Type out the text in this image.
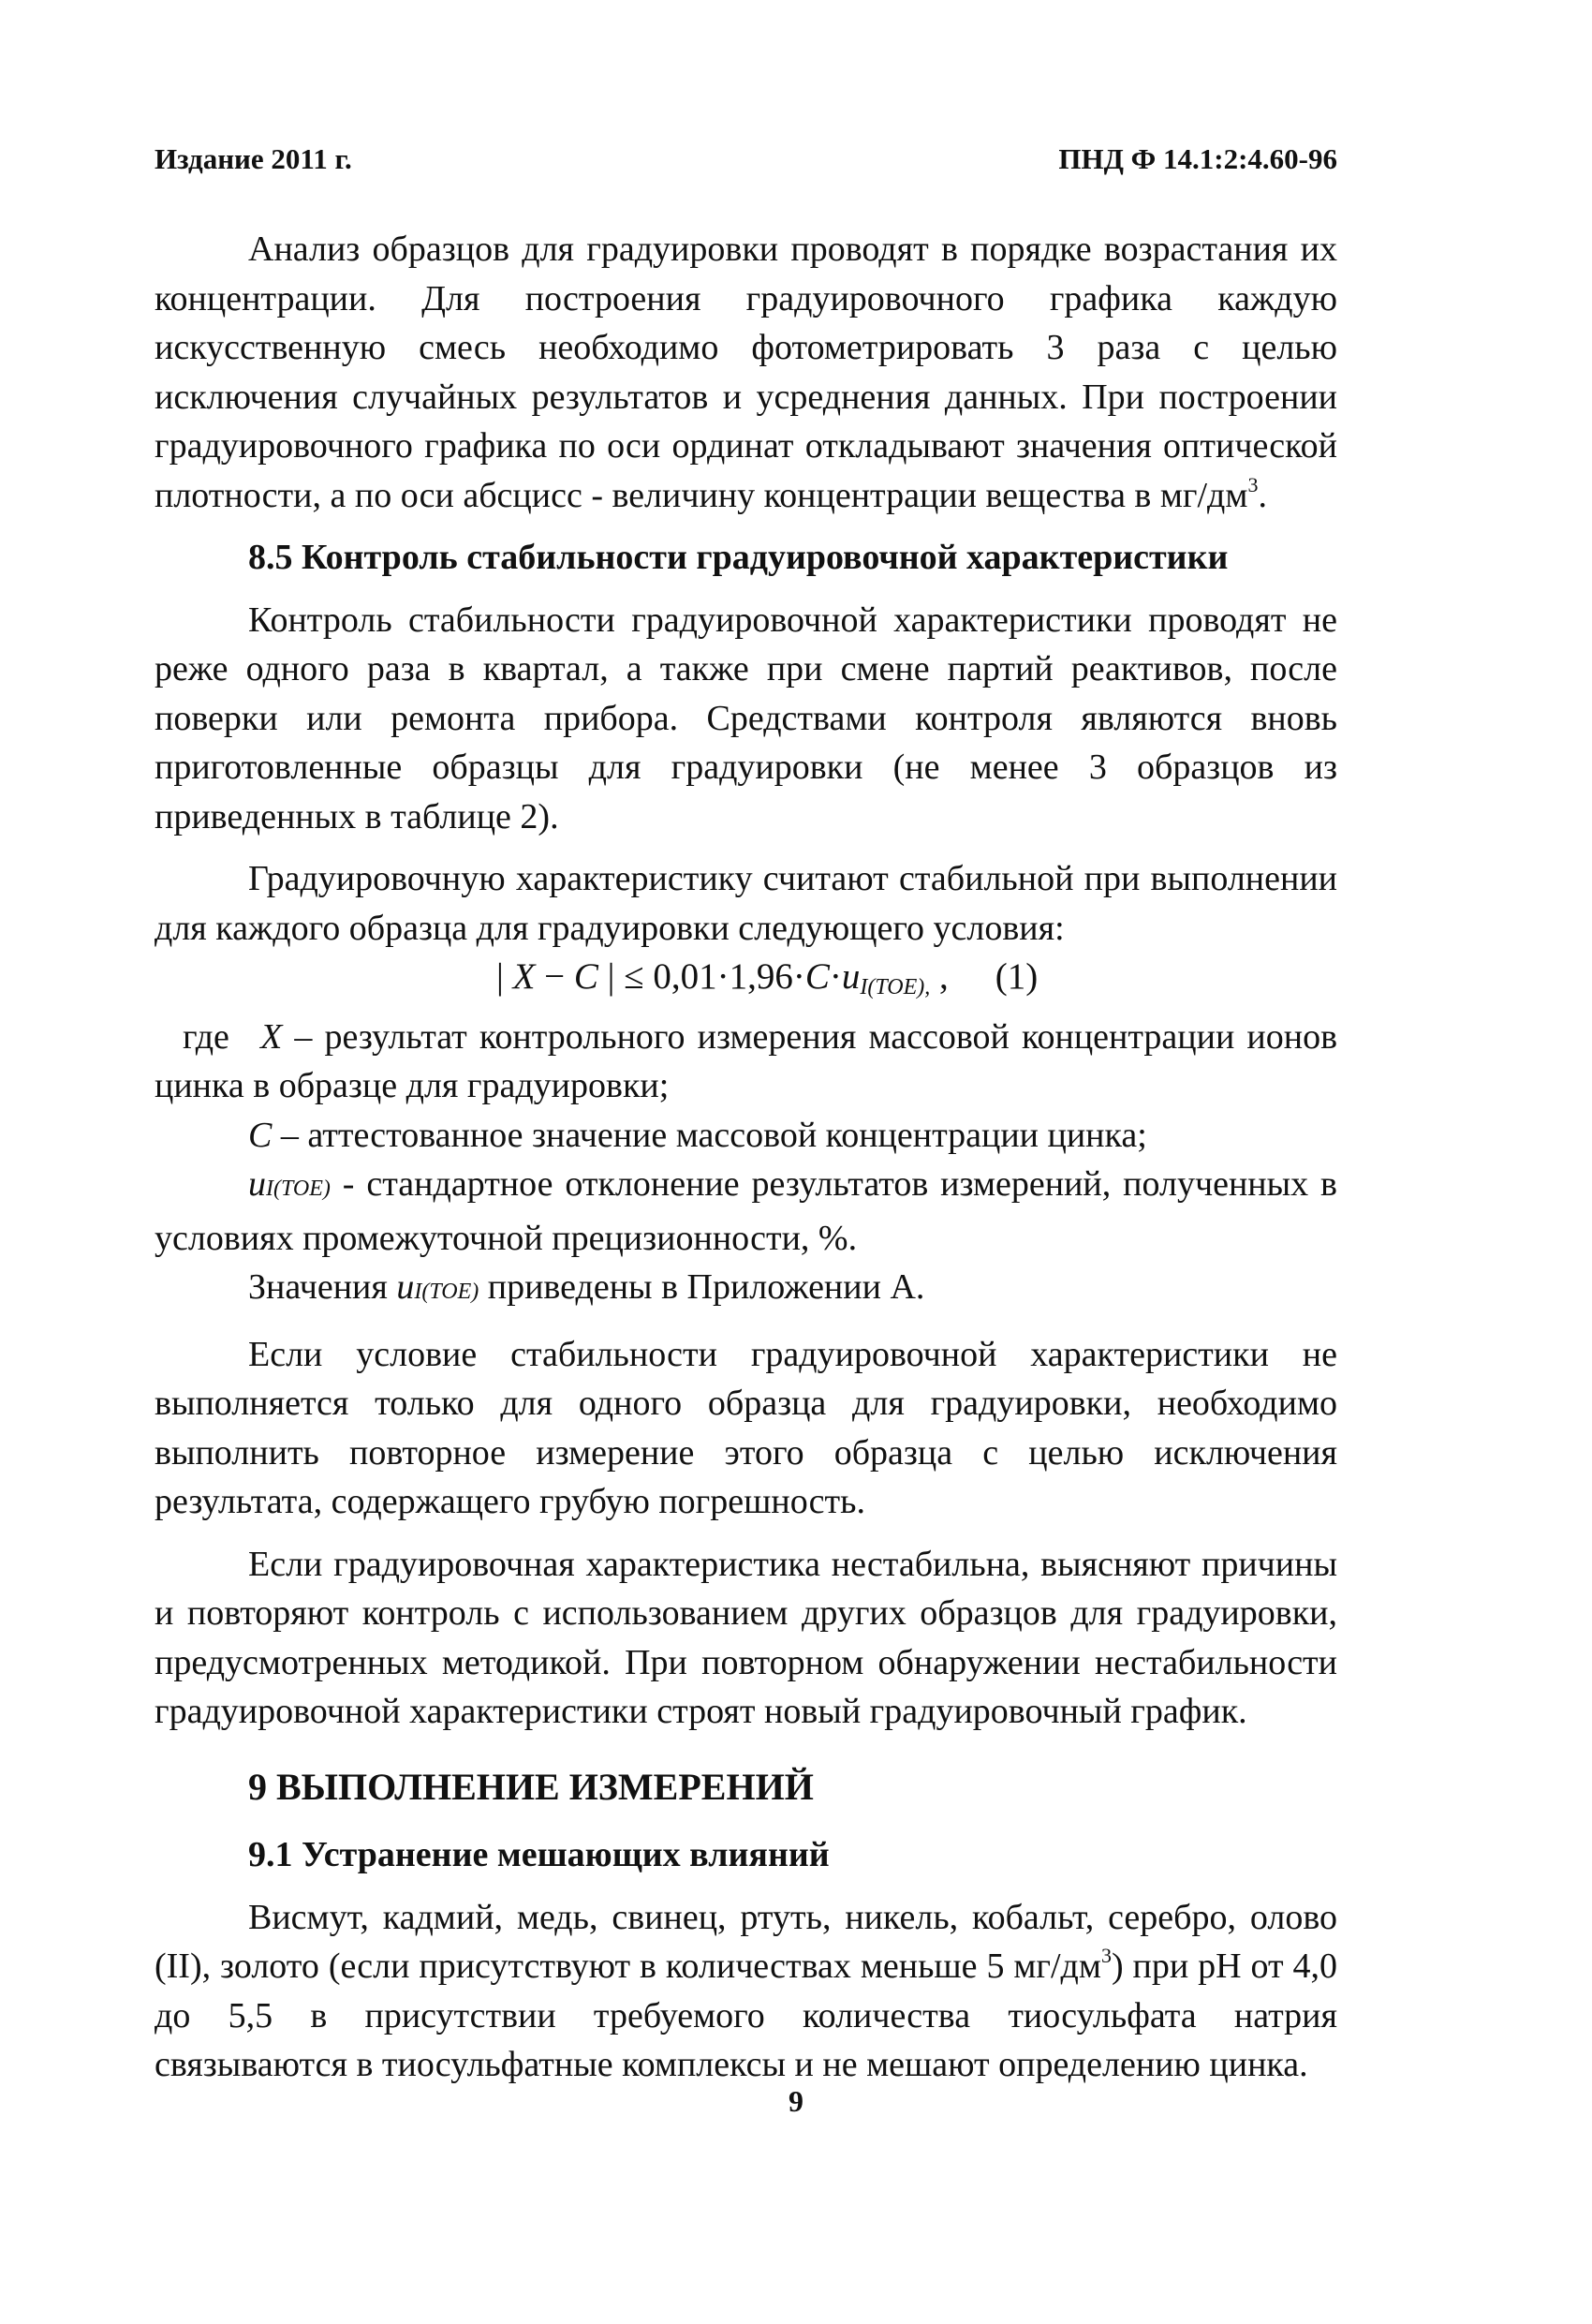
Издание 2011 г.	ПНД Ф 14.1:2:4.60-96

Анализ образцов для градуировки проводят в порядке возрастания их концентрации. Для построения градуировочного графика каждую искусственную смесь необходимо фотометрировать 3 раза с целью исключения случайных результатов и усреднения данных. При построении градуировочного графика по оси ординат откладывают значения оптической плотности, а по оси абсцисс - величину концентрации вещества в $мг/дм^3$.

8.5 Контроль стабильности градуировочной характеристики

Контроль стабильности градуировочной характеристики проводят не реже одного раза в квартал, а также при смене партий реактивов, после поверки или ремонта прибора. Средствами контроля являются вновь приготовленные образцы для градуировки (не менее 3 образцов из приведенных в таблице 2).

Градуировочную характеристику считают стабильной при выполнении для каждого образца для градуировки следующего условия:

| X − C | ≤ $0,01\cdot 1,96\cdot C\cdot u_{I(TOE),}$ , (1)

где X – результат контрольного измерения массовой концентрации ионов цинка в образце для градуировки;

C – аттестованное значение массовой концентрации цинка;

uI(TOE) - стандартное отклонение результатов измерений, полученных в условиях промежуточной прецизионности, %.

Значения uI(TOE) приведены в Приложении А.

Если условие стабильности градуировочной характеристики не выполняется только для одного образца для градуировки, необходимо выполнить повторное измерение этого образца с целью исключения результата, содержащего грубую погрешность.

Если градуировочная характеристика нестабильна, выясняют причины и повторяют контроль с использованием других образцов для градуировки, предусмотренных методикой. При повторном обнаружении нестабильности градуировочной характеристики строят новый градуировочный график.

9 ВЫПОЛНЕНИЕ ИЗМЕРЕНИЙ

9.1 Устранение мешающих влияний

Висмут, кадмий, медь, свинец, ртуть, никель, кобальт, серебро, олово (II), золото (если присутствуют в количествах меньше 5 $мг/дм^3$) при pH от 4,0 до 5,5 в присутствии требуемого количества тиосульфата натрия связываются в тиосульфатные комплексы и не мешают определению цинка.

9
